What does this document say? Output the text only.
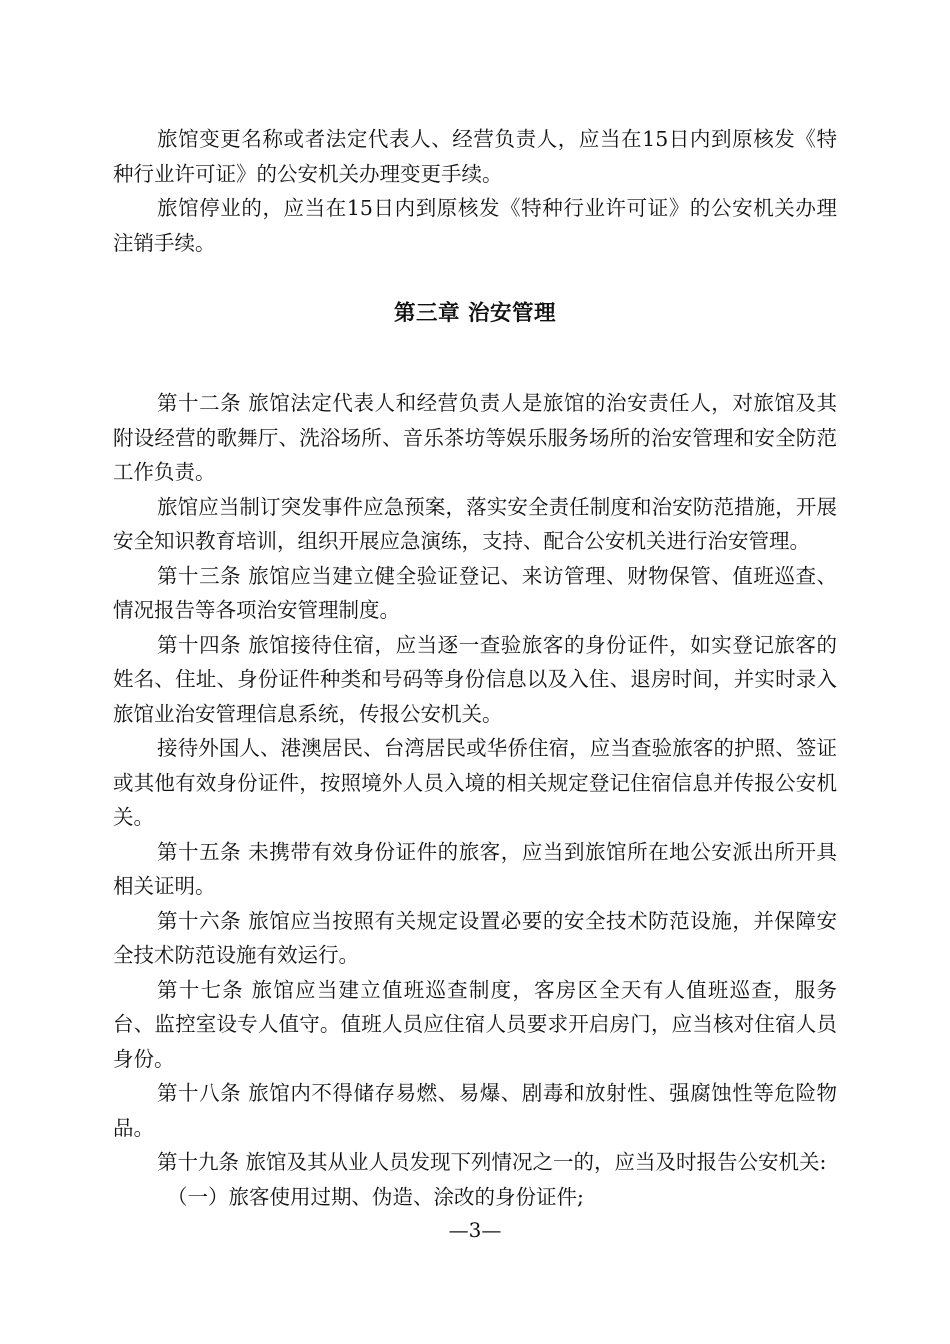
旅馆变更名称或者法定代表人、经营负责人，应当在15日内到原核发《特种行业许可证》的公安机关办理变更手续。

旅馆停业的，应当在15日内到原核发《特种行业许可证》的公安机关办理注销手续。

第三章 治安管理

第十二条 旅馆法定代表人和经营负责人是旅馆的治安责任人，对旅馆及其附设经营的歌舞厅、洗浴场所、音乐茶坊等娱乐服务场所的治安管理和安全防范工作负责。

旅馆应当制订突发事件应急预案，落实安全责任制度和治安防范措施，开展安全知识教育培训，组织开展应急演练，支持、配合公安机关进行治安管理。

第十三条 旅馆应当建立健全验证登记、来访管理、财物保管、值班巡查、情况报告等各项治安管理制度。

第十四条 旅馆接待住宿，应当逐一查验旅客的身份证件，如实登记旅客的姓名、住址、身份证件种类和号码等身份信息以及入住、退房时间，并实时录入旅馆业治安管理信息系统，传报公安机关。

接待外国人、港澳居民、台湾居民或华侨住宿，应当查验旅客的护照、签证或其他有效身份证件，按照境外人员入境的相关规定登记住宿信息并传报公安机关。

第十五条 未携带有效身份证件的旅客，应当到旅馆所在地公安派出所开具相关证明。

第十六条 旅馆应当按照有关规定设置必要的安全技术防范设施，并保障安全技术防范设施有效运行。

第十七条 旅馆应当建立值班巡查制度，客房区全天有人值班巡查，服务台、监控室设专人值守。值班人员应住宿人员要求开启房门，应当核对住宿人员身份。

第十八条 旅馆内不得储存易燃、易爆、剧毒和放射性、强腐蚀性等危险物品。

第十九条 旅馆及其从业人员发现下列情况之一的，应当及时报告公安机关:

（一）旅客使用过期、伪造、涂改的身份证件;

—3—
